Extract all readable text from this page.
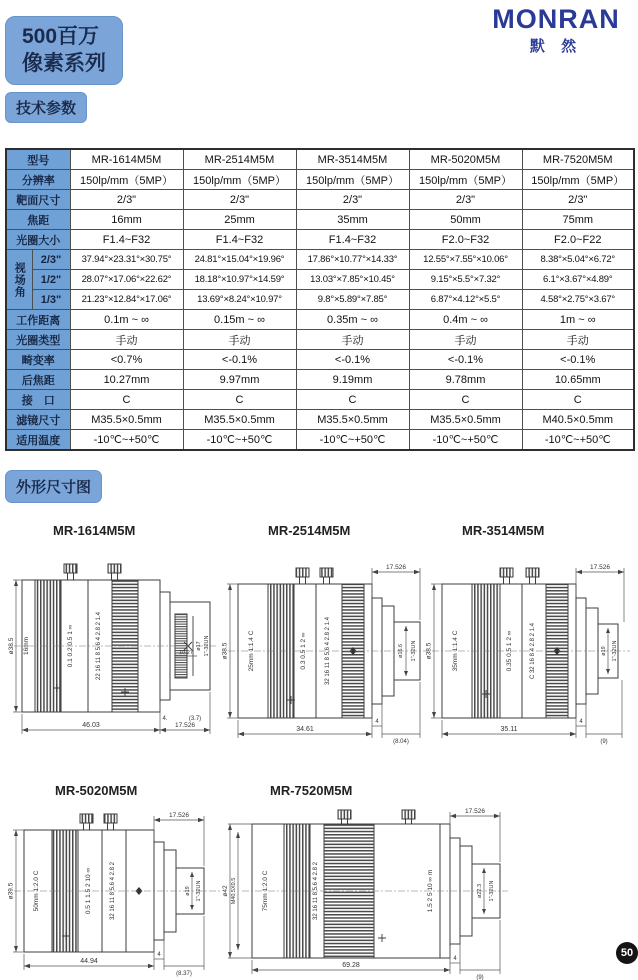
500百万
像素系列
MONRAN
默 然
技术参数
型号		MR-1614M5M	MR-2514M5M	MR-3514M5M	MR-5020M5M	MR-7520M5M
分辨率		150lp/mm（5MP）	150lp/mm（5MP）	150lp/mm（5MP）	150lp/mm（5MP）	150lp/mm（5MP）
靶面尺寸		2/3"	2/3"	2/3"	2/3"	2/3"
焦距		16mm	25mm	35mm	50mm	75mm
光圈大小		F1.4~F32	F1.4~F32	F1.4~F32	F2.0~F32	F2.0~F22
视场角	2/3"	37.94°×23.31°×30.75°	24.81°×15.04°×19.96°	17.86°×10.77°×14.33°	12.55°×7.55°×10.06°	8.38°×5.04°×6.72°
	1/2"	28.07°×17.06°×22.62°	18.18°×10.97°×14.59°	13.03°×7.85°×10.45°	9.15°×5.5°×7.32°	6.1°×3.67°×4.89°
	1/3"	21.23°×12.84°×17.06°	13.69°×8.24°×10.97°	9.8°×5.89°×7.85°	6.87°×4.12°×5.5°	4.58°×2.75°×3.67°
工作距离		0.1m ~ ∞	0.15m ~ ∞	0.35m ~ ∞	0.4m ~ ∞	1m ~ ∞
光圈类型		手动	手动	手动	手动	手动
畸变率		<0.7%	<-0.1%	<-0.1%	<-0.1%	<-0.1%
后焦距		10.27mm	9.97mm	9.19mm	9.78mm	10.65mm
接　口		C	C	C	C	C
滤镜尺寸		M35.5×0.5mm	M35.5×0.5mm	M35.5×0.5mm	M35.5×0.5mm	M40.5×0.5mm
适用温度		-10℃~+50℃	-10℃~+50℃	-10℃~+50℃	-10℃~+50℃	-10℃~+50℃
外形尺寸图
MR-1614M5M
16mm	0.1 0.2 0.5 1 ∞	22 16 11 8 5.6 4 2.8 2 1.4
ø38.5	10.27
ø17 1"-32UN
46.03	17.526
4.	(3.7)
MR-2514M5M
25mm 1:1.4 C	0.3 0.5 1 2 ∞	32 16 11 8 5.6 4 2.8 2 1.4
ø38.5
17.526
ø16.6 1"-32UN
34.61
4
(8.04)
MR-3514M5M
35mm 1:1.4 C	0.35 0.5 1 2 ∞	C 32 16 8 4 2.8 2 1.4
ø38.5
17.526
ø19 1"-32UN
35.11
4
(9)
MR-5020M5M
50mm 1:2.0 C	0.5 1 1.5 2 10 ∞	32 16 11 8 5.6 4 2.8 2
ø39.5
17.526
ø19 1"-32UN
44.94
4
(8.37)
MR-7520M5M
75mm 1:2.0 C	32 16 11 8 5.6 4 2.8 2	1.5 2 5 10 ∞ m
ø42 M40.5X0.5
17.526
ø22.3 1"-32UN
69.28
4
(9)
50
